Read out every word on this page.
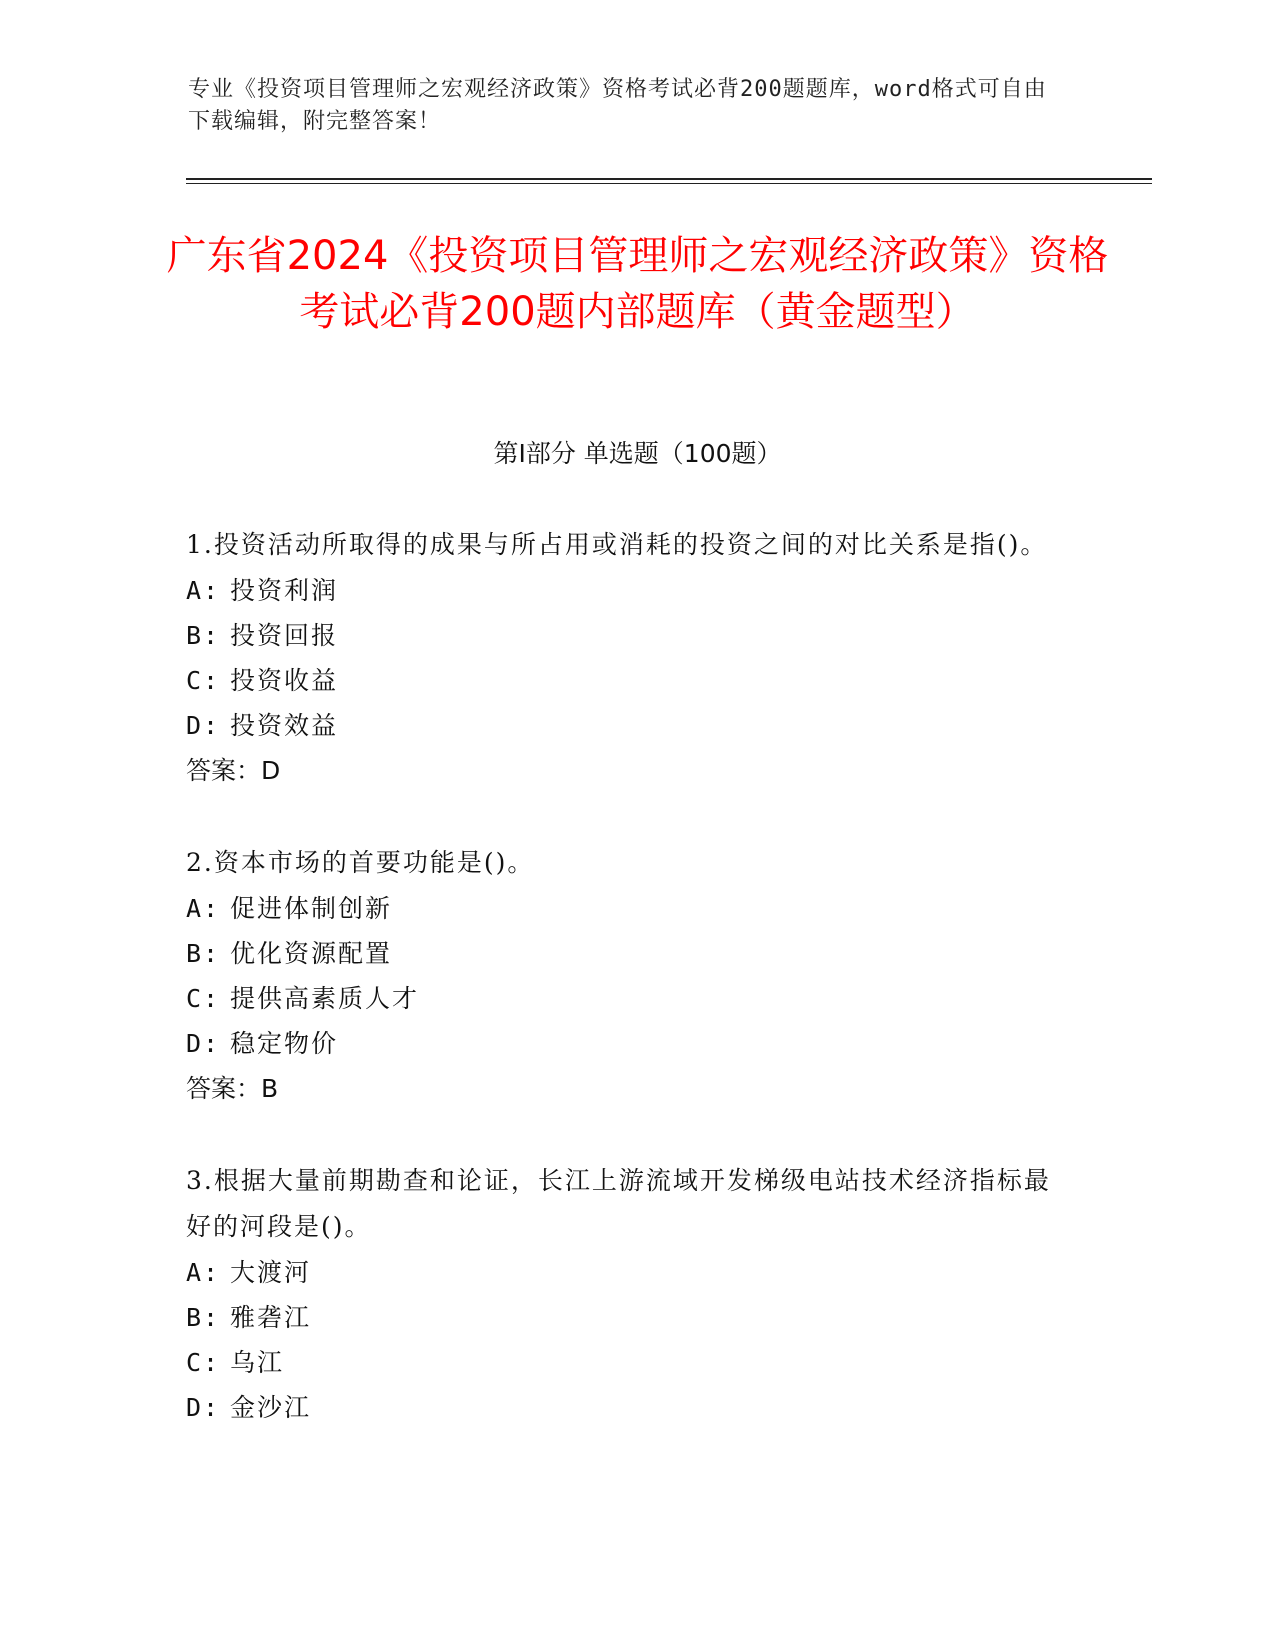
专业《投资项目管理师之宏观经济政策》资格考试必背200题题库，word格式可自由下载编辑，附完整答案！
广东省2024《投资项目管理师之宏观经济政策》资格考试必背200题内部题库（黄金题型）
第Ⅰ部分 单选题（100题）
1.投资活动所取得的成果与所占用或消耗的投资之间的对比关系是指()。
A: 投资利润
B: 投资回报
C: 投资收益
D: 投资效益
答案：D
2.资本市场的首要功能是()。
A: 促进体制创新
B: 优化资源配置
C: 提供高素质人才
D: 稳定物价
答案：B
3.根据大量前期勘查和论证，长江上游流域开发梯级电站技术经济指标最好的河段是()。
A: 大渡河
B: 雅砻江
C: 乌江
D: 金沙江
